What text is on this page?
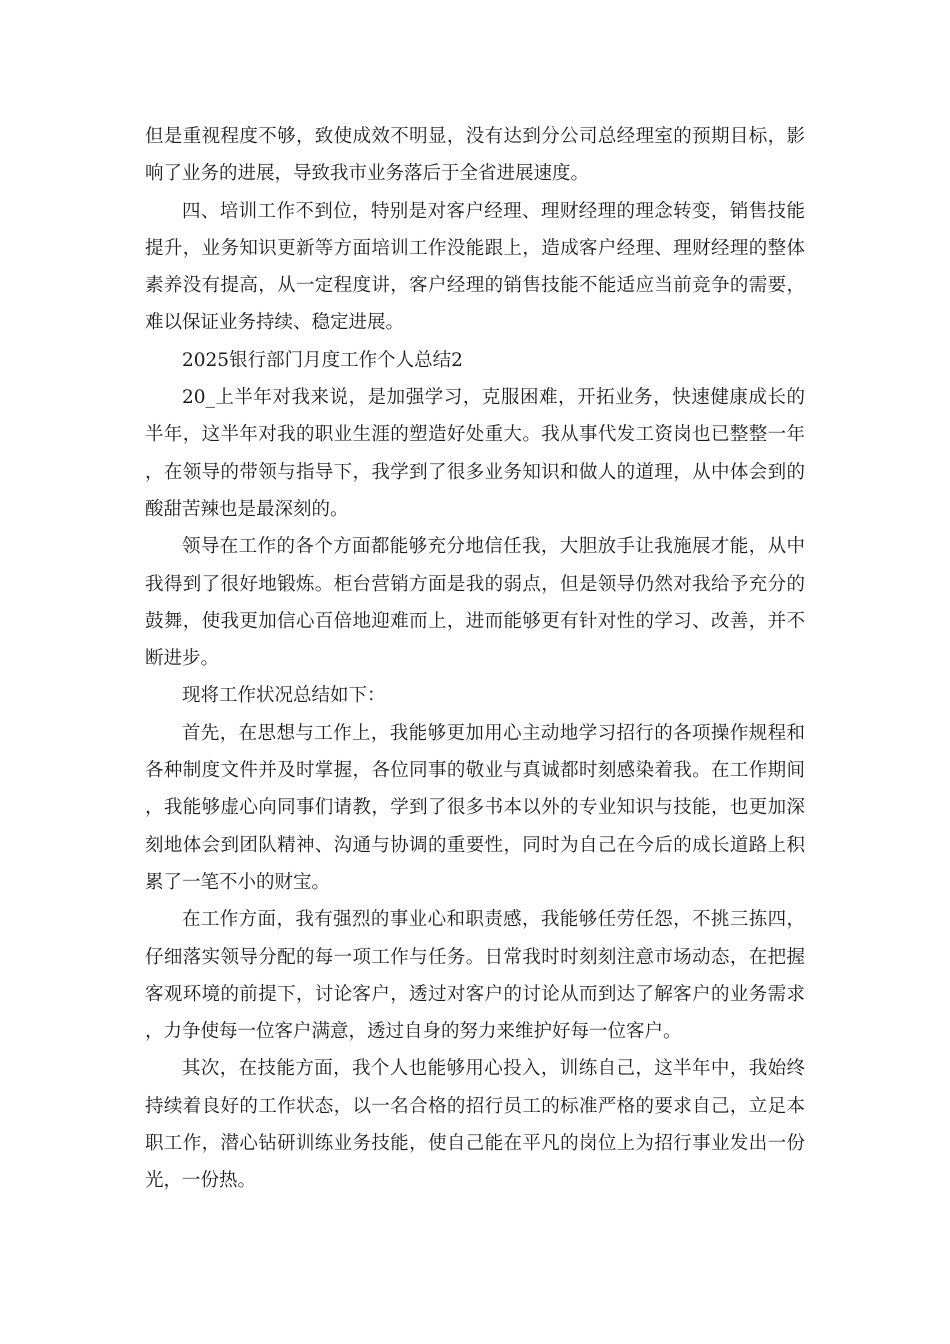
但是重视程度不够，致使成效不明显，没有达到分公司总经理室的预期目标，影响了业务的进展，导致我市业务落后于全省进展速度。

四、培训工作不到位，特别是对客户经理、理财经理的理念转变，销售技能提升，业务知识更新等方面培训工作没能跟上，造成客户经理、理财经理的整体素养没有提高，从一定程度讲，客户经理的销售技能不能适应当前竞争的需要，难以保证业务持续、稳定进展。

2025银行部门月度工作个人总结2

20_上半年对我来说，是加强学习，克服困难，开拓业务，快速健康成长的半年，这半年对我的职业生涯的塑造好处重大。我从事代发工资岗也已整整一年，在领导的带领与指导下，我学到了很多业务知识和做人的道理，从中体会到的酸甜苦辣也是最深刻的。

领导在工作的各个方面都能够充分地信任我，大胆放手让我施展才能，从中我得到了很好地锻炼。柜台营销方面是我的弱点，但是领导仍然对我给予充分的鼓舞，使我更加信心百倍地迎难而上，进而能够更有针对性的学习、改善，并不断进步。

现将工作状况总结如下：

首先，在思想与工作上，我能够更加用心主动地学习招行的各项操作规程和各种制度文件并及时掌握，各位同事的敬业与真诚都时刻感染着我。在工作期间，我能够虚心向同事们请教，学到了很多书本以外的专业知识与技能，也更加深刻地体会到团队精神、沟通与协调的重要性，同时为自己在今后的成长道路上积累了一笔不小的财宝。

在工作方面，我有强烈的事业心和职责感，我能够任劳任怨，不挑三拣四，仔细落实领导分配的每一项工作与任务。日常我时时刻刻注意市场动态，在把握客观环境的前提下，讨论客户，透过对客户的讨论从而到达了解客户的业务需求，力争使每一位客户满意，透过自身的努力来维护好每一位客户。

其次，在技能方面，我个人也能够用心投入，训练自己，这半年中，我始终持续着良好的工作状态，以一名合格的招行员工的标准严格的要求自己，立足本职工作，潜心钻研训练业务技能，使自己能在平凡的岗位上为招行事业发出一份光，一份热。
